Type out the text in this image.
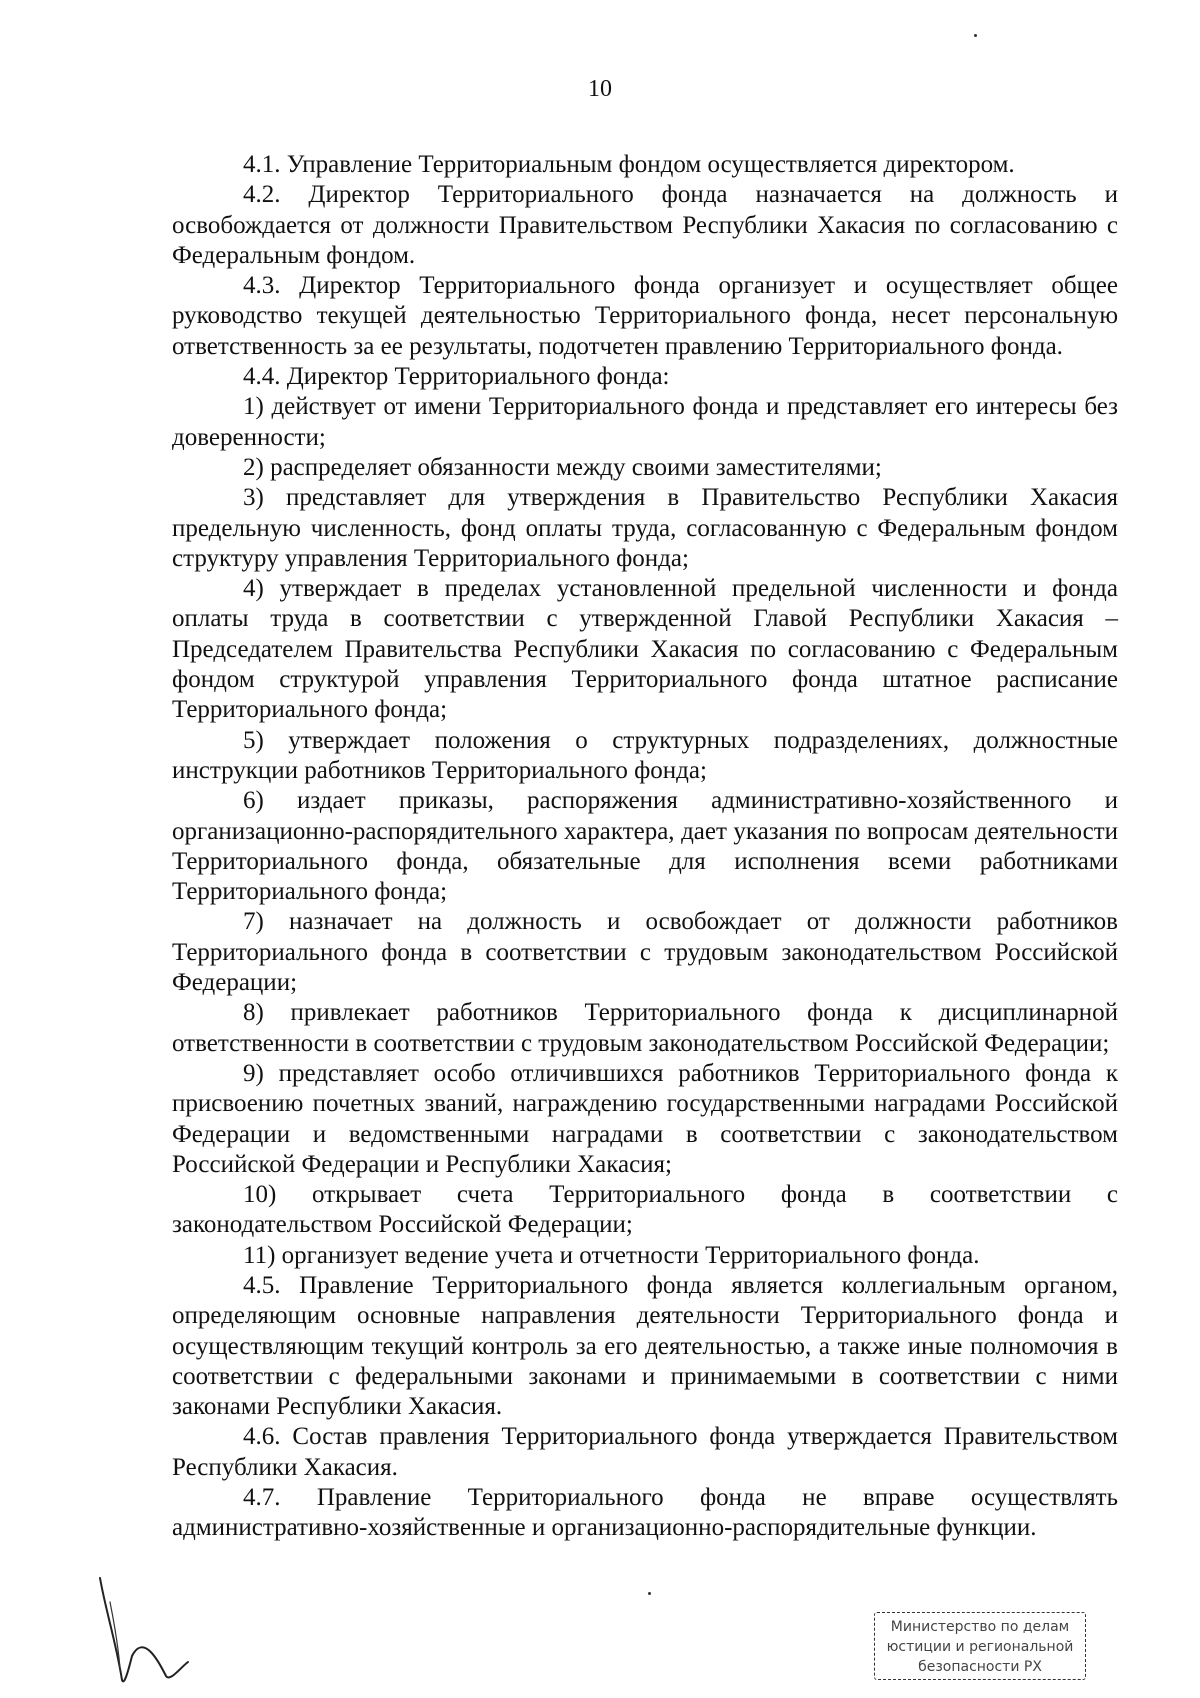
10

4.1. Управление Территориальным фондом осуществляется директором.

4.2. Директор Территориального фонда назначается на должность и освобождается от должности Правительством Республики Хакасия по согласованию с Федеральным фондом.

4.3. Директор Территориального фонда организует и осуществляет общее руководство текущей деятельностью Территориального фонда, несет персональную ответственность за ее результаты, подотчетен правлению Территориального фонда.

4.4. Директор Территориального фонда:

1) действует от имени Территориального фонда и представляет его интересы без доверенности;

2) распределяет обязанности между своими заместителями;

3) представляет для утверждения в Правительство Республики Хакасия предельную численность, фонд оплаты труда, согласованную с Федеральным фондом структуру управления Территориального фонда;

4) утверждает в пределах установленной предельной численности и фонда оплаты труда в соответствии с утвержденной Главой Республики Хакасия – Председателем Правительства Республики Хакасия по согласованию с Федеральным фондом структурой управления Территориального фонда штатное расписание Территориального фонда;

5) утверждает положения о структурных подразделениях, должностные инструкции работников Территориального фонда;

6) издает приказы, распоряжения административно-хозяйственного и организационно-распорядительного характера, дает указания по вопросам деятельности Территориального фонда, обязательные для исполнения всеми работниками Территориального фонда;

7) назначает на должность и освобождает от должности работников Территориального фонда в соответствии с трудовым законодательством Российской Федерации;

8) привлекает работников Территориального фонда к дисциплинарной ответственности в соответствии с трудовым законодательством Российской Федерации;

9) представляет особо отличившихся работников Территориального фонда к присвоению почетных званий, награждению государственными наградами Российской Федерации и ведомственными наградами в соответствии с законодательством Российской Федерации и Республики Хакасия;

10) открывает счета Территориального фонда в соответствии с законодательством Российской Федерации;

11) организует ведение учета и отчетности Территориального фонда.

4.5. Правление Территориального фонда является коллегиальным органом, определяющим основные направления деятельности Территориального фонда и осуществляющим текущий контроль за его деятельностью, а также иные полномочия в соответствии с федеральными законами и принимаемыми в соответствии с ними законами Республики Хакасия.

4.6. Состав правления Территориального фонда утверждается Правительством Республики Хакасия.

4.7. Правление Территориального фонда не вправе осуществлять административно-хозяйственные и организационно-распорядительные функции.

Министерство по делам
юстиции и региональной
безопасности РХ
